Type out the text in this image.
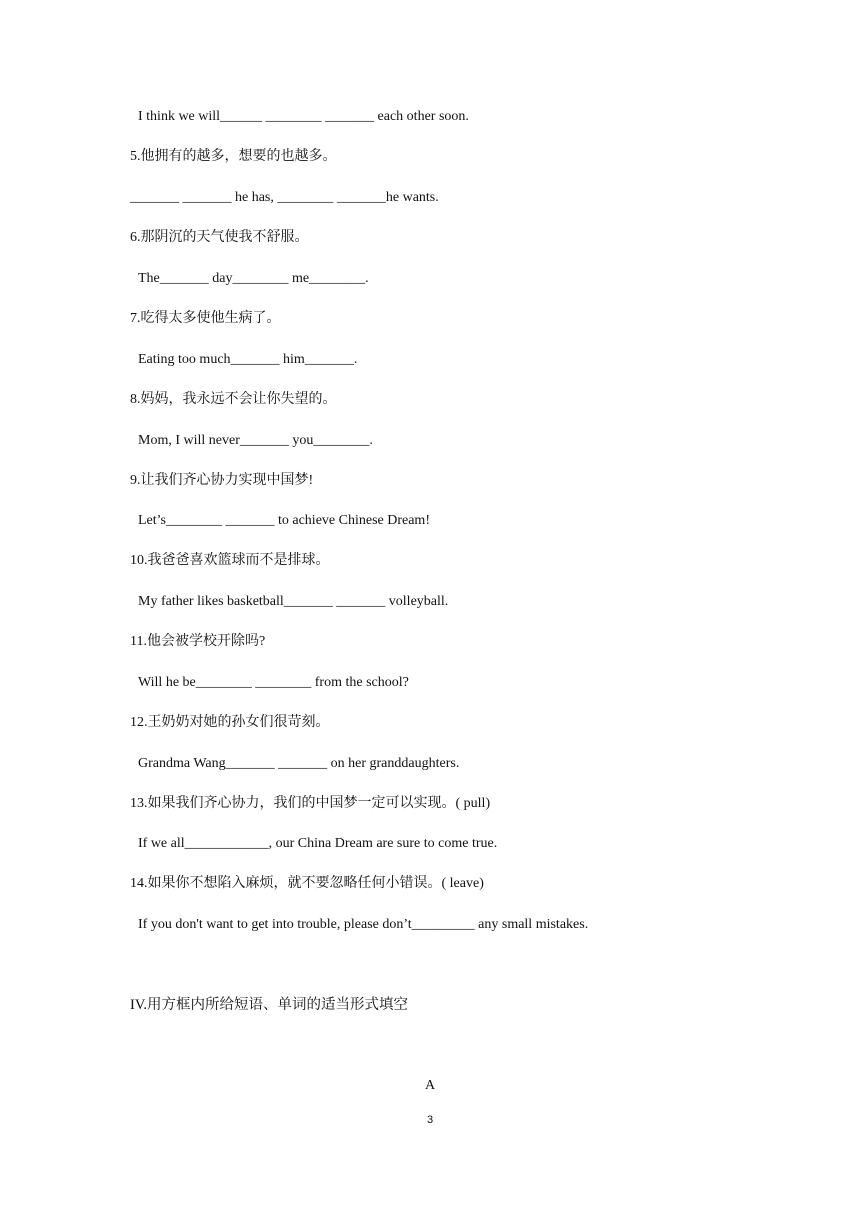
I think we will______ ________ _______ each other soon.
5.他拥有的越多，想要的也越多。
_______ _______ he has, ________ _______he wants.
6.那阴沉的天气使我不舒服。
The_______ day________ me________.
7.吃得太多使他生病了。
Eating too much_______ him_______.
8.妈妈，我永远不会让你失望的。
Mom, I will never_______ you________.
9.让我们齐心协力实现中国梦!
Let’s________ _______ to achieve Chinese Dream!
10.我爸爸喜欢篮球而不是排球。
My father likes basketball_______ _______ volleyball.
11.他会被学校开除吗?
Will he be________ ________ from the school?
12.王奶奶对她的孙女们很苛刻。
Grandma Wang_______ _______ on her granddaughters.
13.如果我们齐心协力，我们的中国梦一定可以实现。( pull)
If we all____________, our China Dream are sure to come true.
14.如果你不想陷入麻烦，就不要忽略任何小错误。( leave)
If you don't want to get into trouble, please don’t_________ any small mistakes.
IV.用方框内所给短语、单词的适当形式填空
A
3
